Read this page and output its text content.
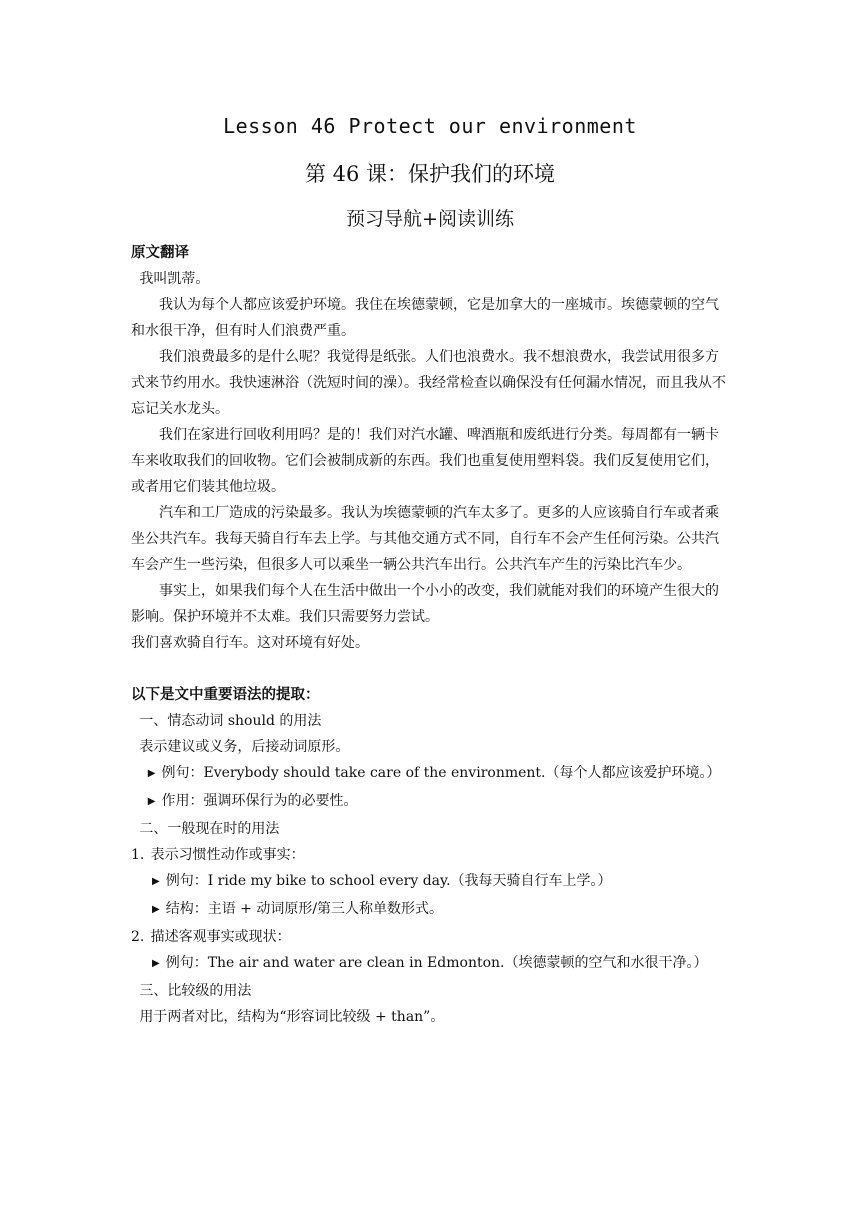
Lesson 46 Protect our environment
第 46 课：保护我们的环境
预习导航+阅读训练
原文翻译

我叫凯蒂。

我认为每个人都应该爱护环境。我住在埃德蒙顿，它是加拿大的一座城市。埃德蒙顿的空气和水很干净，但有时人们浪费严重。

我们浪费最多的是什么呢？我觉得是纸张。人们也浪费水。我不想浪费水，我尝试用很多方式来节约用水。我快速淋浴（洗短时间的澡）。我经常检查以确保没有任何漏水情况，而且我从不忘记关水龙头。

我们在家进行回收利用吗？是的！我们对汽水罐、啤酒瓶和废纸进行分类。每周都有一辆卡车来收取我们的回收物。它们会被制成新的东西。我们也重复使用塑料袋。我们反复使用它们，或者用它们装其他垃圾。

汽车和工厂造成的污染最多。我认为埃德蒙顿的汽车太多了。更多的人应该骑自行车或者乘坐公共汽车。我每天骑自行车去上学。与其他交通方式不同，自行车不会产生任何污染。公共汽车会产生一些污染，但很多人可以乘坐一辆公共汽车出行。公共汽车产生的污染比汽车少。

事实上，如果我们每个人在生活中做出一个小小的改变，我们就能对我们的环境产生很大的影响。保护环境并不太难。我们只需要努力尝试。

我们喜欢骑自行车。这对环境有好处。

以下是文中重要语法的提取：

一、情态动词 should 的用法

表示建议或义务，后接动词原形。

▶ 例句：Everybody should take care of the environment.（每个人都应该爱护环境。）

▶ 作用：强调环保行为的必要性。

二、一般现在时的用法

1. 表示习惯性动作或事实：

▶ 例句：I ride my bike to school every day.（我每天骑自行车上学。）

▶ 结构：主语 + 动词原形/第三人称单数形式。

2. 描述客观事实或现状：

▶ 例句：The air and water are clean in Edmonton.（埃德蒙顿的空气和水很干净。）

三、比较级的用法

用于两者对比，结构为“形容词比较级 + than”。
